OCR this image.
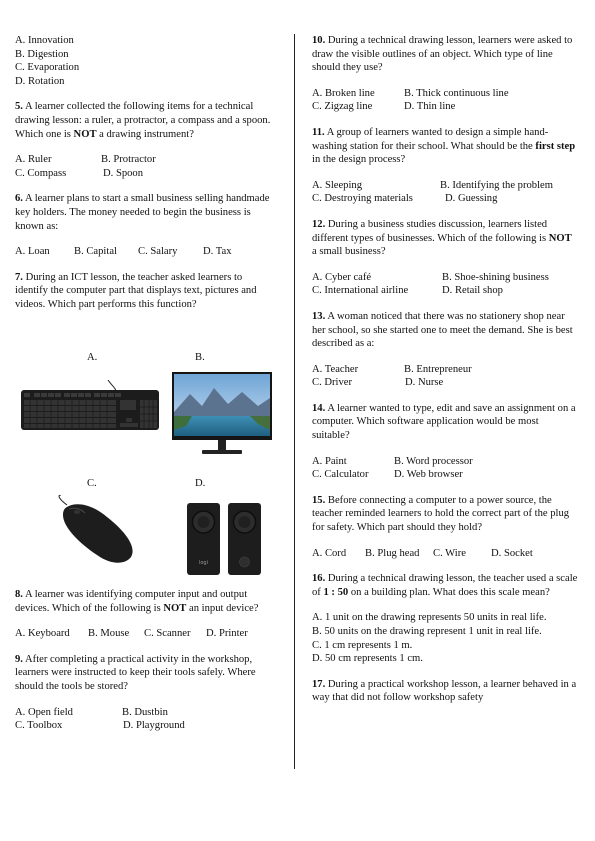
A. Innovation
B. Digestion
C. Evaporation
D. Rotation

5. A learner collected the following items for a technical drawing lesson: a ruler, a protractor, a compass and a spoon. Which one is NOT a drawing instrument?

A. Ruler	B. Protractor
C. Compass	D. Spoon

6. A learner plans to start a small business selling handmade key holders. The money needed to begin the business is known as:

A. Loan B. Capital C. Salary D. Tax

7. During an ICT lesson, the teacher asked learners to identify the computer part that displays text, pictures and videos. Which part performs this function?

A.	B.
C.	D.
logi

8. A learner was identifying computer input and output devices. Which of the following is NOT an input device?

A. Keyboard B. Mouse C. Scanner D. Printer

9. After completing a practical activity in the workshop, learners were instructed to keep their tools safely. Where should the tools be stored?

A. Open field	B. Dustbin
C. Toolbox	D. Playground

10. During a technical drawing lesson, learners were asked to draw the visible outlines of an object. Which type of line should they use?

A. Broken line	B. Thick continuous line
C. Zigzag line	D. Thin line

11. A group of learners wanted to design a simple hand-washing station for their school. What should be the first step in the design process?

A. Sleeping	B. Identifying the problem
C. Destroying materials	D. Guessing

12. During a business studies discussion, learners listed different types of businesses. Which of the following is NOT a small business?

A. Cyber café	B. Shoe-shining business
C. International airline	D. Retail shop

13. A woman noticed that there was no stationery shop near her school, so she started one to meet the demand. She is best described as a:

A. Teacher	B. Entrepreneur
C. Driver	D. Nurse

14. A learner wanted to type, edit and save an assignment on a computer. Which software application would be most suitable?

A. Paint	B. Word processor
C. Calculator D. Web browser

15. Before connecting a computer to a power source, the teacher reminded learners to hold the correct part of the plug for safety. Which part should they hold?

A. Cord B. Plug head C. Wire D. Socket

16. During a technical drawing lesson, the teacher used a scale of 1 : 50 on a building plan. What does this scale mean?

A. 1 unit on the drawing represents 50 units in real life.
B. 50 units on the drawing represent 1 unit in real life.
C. 1 cm represents 1 m.
D. 50 cm represents 1 cm.

17. During a practical workshop lesson, a learner behaved in a way that did not follow workshop safety
